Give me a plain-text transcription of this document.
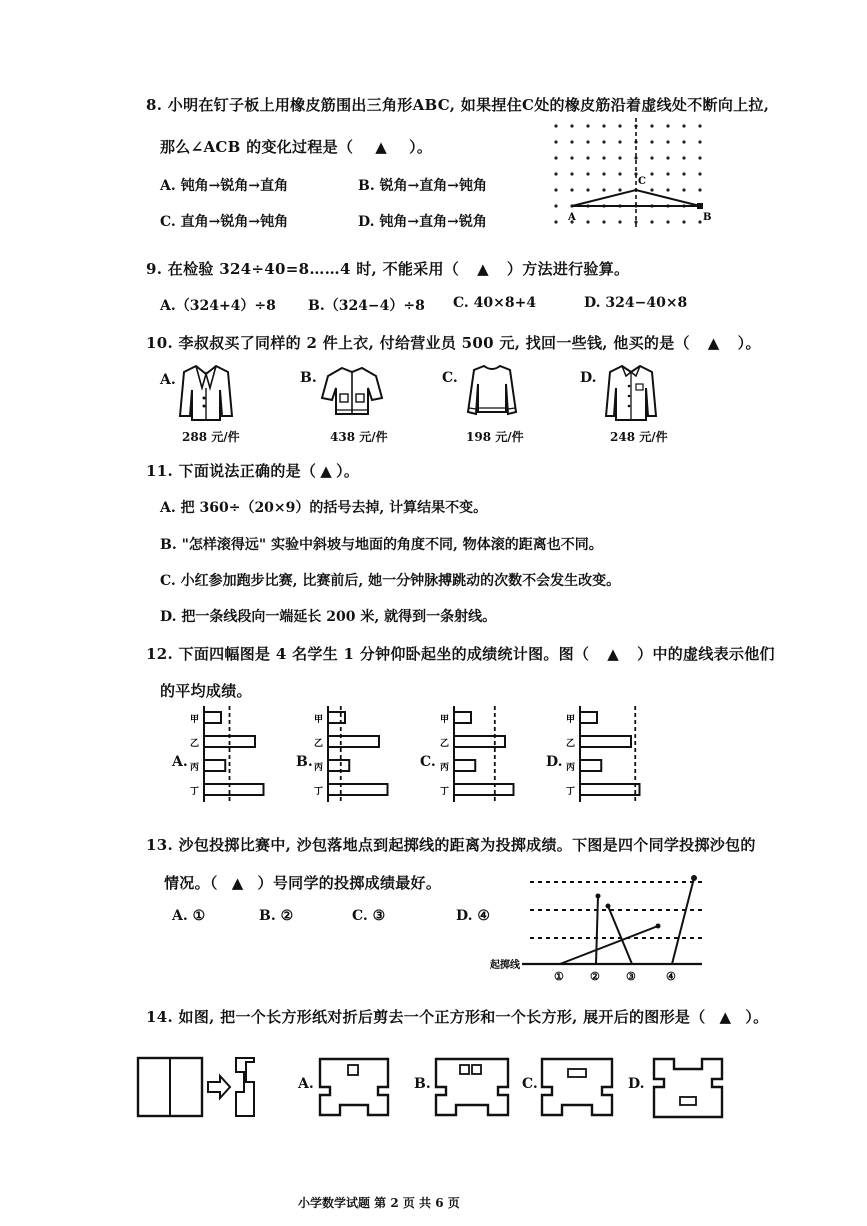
8. 小明在钉子板上用橡皮筋围出三角形ABC, 如果捏住C处的橡皮筋沿着虚线处不断向上拉,
那么∠ACB 的变化过程是（ ▲ ）。
A. 钝角→锐角→直角	B. 锐角→直角→钝角
C. 直角→锐角→钝角	D. 钝角→直角→锐角	A
C
B
9. 在检验 324÷40=8……4 时, 不能采用（ ▲ ）方法进行验算。
A.（324+4）÷8 B.（324−4）÷8 C. 40×8+4	D. 324−40×8
10. 李叔叔买了同样的 2 件上衣, 付给营业员 500 元, 找回一些钱, 他买的是（ ▲ ）。
A.
288 元/件
B.
438 元/件
C.
198 元/件
D.
248 元/件
11. 下面说法正确的是（ ▲ ）。
A. 把 360÷（20×9）的括号去掉, 计算结果不变。
B. "怎样滚得远" 实验中斜坡与地面的角度不同, 物体滚的距离也不同。
C. 小红参加跑步比赛, 比赛前后, 她一分钟脉搏跳动的次数不会发生改变。
D. 把一条线段向一端延长 200 米, 就得到一条射线。
12. 下面四幅图是 4 名学生 1 分钟仰卧起坐的成绩统计图。图（ ▲ ）中的虚线表示他们
的平均成绩。
A.	B.	C.	D.
甲
乙
丙
丁
甲
乙
丙
丁
甲
乙
丙
丁
甲
乙
丙
丁
13. 沙包投掷比赛中, 沙包落地点到起掷线的距离为投掷成绩。下图是四个同学投掷沙包的
情况。（ ▲ ）号同学的投掷成绩最好。
A. ①	B. ②	C. ③	D. ④
起掷线
① ② ③	④
14. 如图, 把一个长方形纸对折后剪去一个正方形和一个长方形, 展开后的图形是（ ▲ ）。
A.	B.	C.	D.
小学数学试题 第 2 页 共 6 页
